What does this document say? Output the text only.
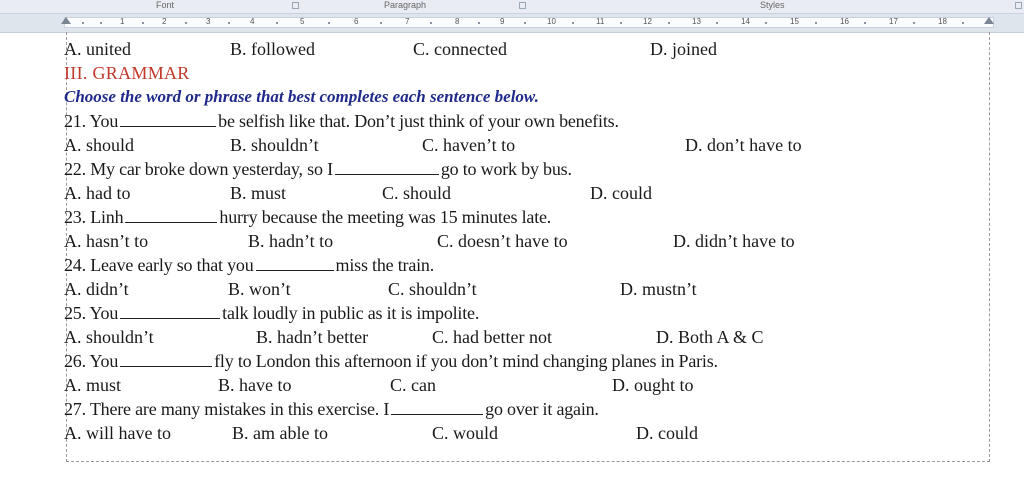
Font	Paragraph	Styles
1	2	3	4	5	6	7	8	9	10	11	12	13	14	15	16	17	18
A. united	B. followed	C. connected	D. joined
III. GRAMMAR
Choose the word or phrase that best completes each sentence below.
21. You	be selfish like that. Don’t just think of your own benefits.
A. should	B. shouldn’t	C. haven’t to	D. don’t have to
22. My car broke down yesterday, so I	go to work by bus.
A. had to	B. must	C. should	D. could
23. Linh	hurry because the meeting was 15 minutes late.
A. hasn’t to	B. hadn’t to	C. doesn’t have to	D. didn’t have to
24. Leave early so that you	miss the train.
A. didn’t	B. won’t	C. shouldn’t	D. mustn’t
25. You	talk loudly in public as it is impolite.
A. shouldn’t	B. hadn’t better	C. had better not	D. Both A & C
26. You	fly to London this afternoon if you don’t mind changing planes in Paris.
A. must	B. have to	C. can	D. ought to
27. There are many mistakes in this exercise. I	go over it again.
A. will have to	B. am able to	C. would	D. could
